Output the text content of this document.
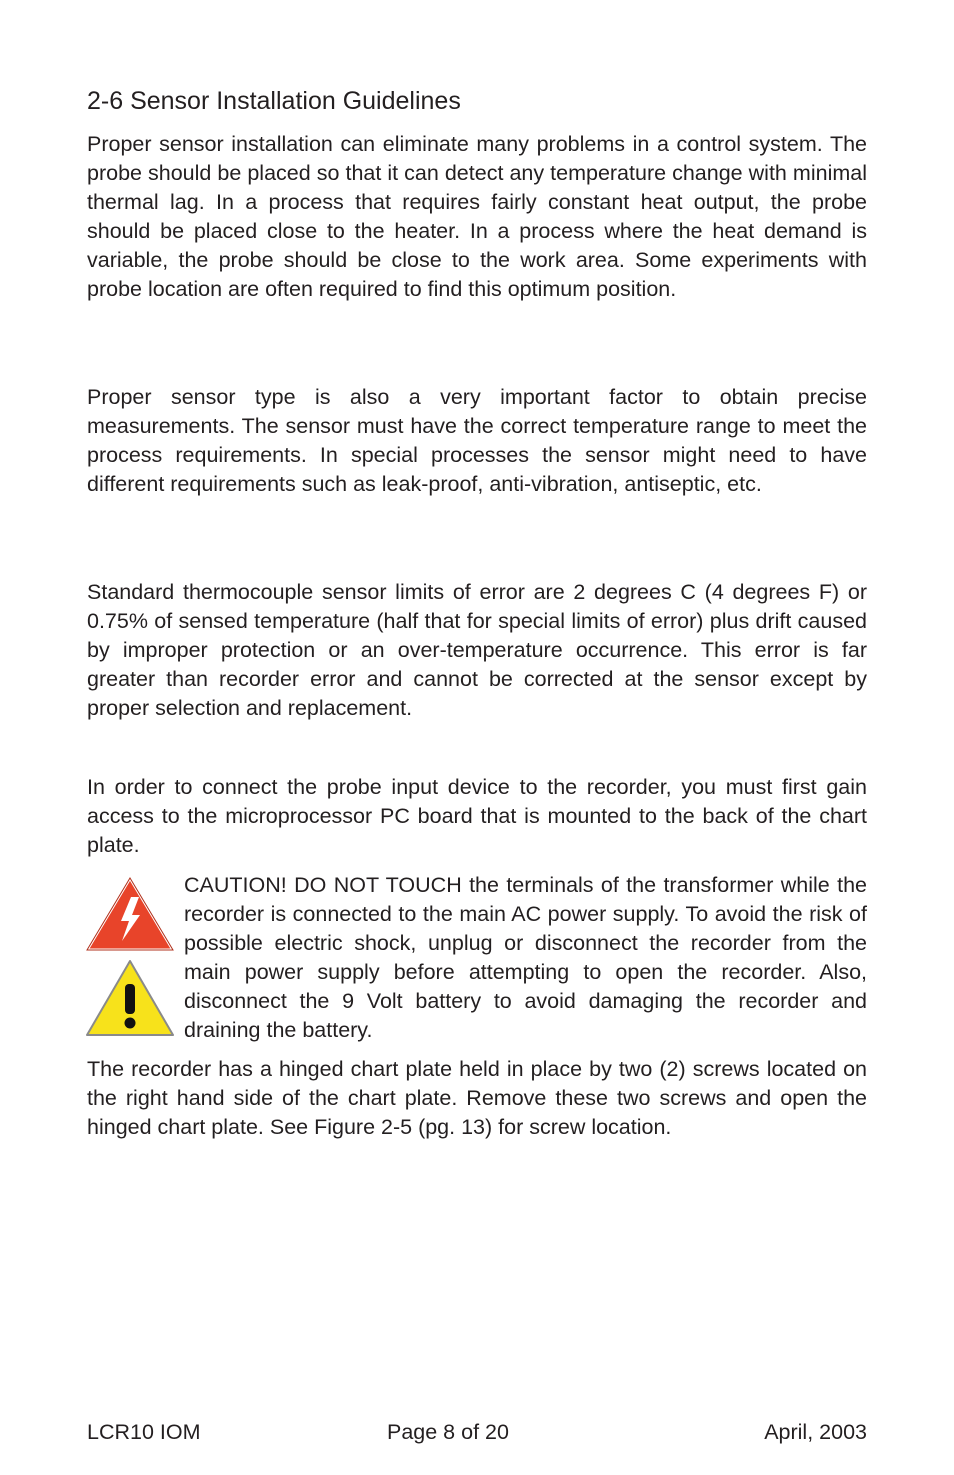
2-6 Sensor Installation Guidelines

Proper sensor installation can eliminate many problems in a control system. The probe should be placed so that it can detect any temperature change with minimal thermal lag. In a process that requires fairly constant heat output, the probe should be placed close to the heater. In a process where the heat demand is variable, the probe should be close to the work area. Some experiments with probe location are often required to find this optimum position.

Proper sensor type is also a very important factor to obtain precise measurements. The sensor must have the correct temperature range to meet the process requirements. In special processes the sensor might need to have different requirements such as leak-proof, anti-vibration, antiseptic, etc.

Standard thermocouple sensor limits of error are 2 degrees C (4 degrees F) or 0.75% of sensed temperature (half that for special limits of error) plus drift caused by improper protection or an over-temperature occurrence. This error is far greater than recorder error and cannot be corrected at the sensor except by proper selection and replacement.

In order to connect the probe input device to the recorder, you must first gain access to the microprocessor PC board that is mounted to the back of the chart plate.

CAUTION! DO NOT TOUCH the terminals of the transformer while the recorder is connected to the main AC power supply. To avoid the risk of possible electric shock, unplug or disconnect the recorder from the main power supply before attempting to open the recorder. Also, disconnect the 9 Volt battery to avoid damaging the recorder and draining the battery.

The recorder has a hinged chart plate held in place by two (2) screws located on the right hand side of the chart plate. Remove these two screws and open the hinged chart plate. See Figure 2-5 (pg. 13) for screw location.

LCR10 IOM	Page 8 of 20	April, 2003
